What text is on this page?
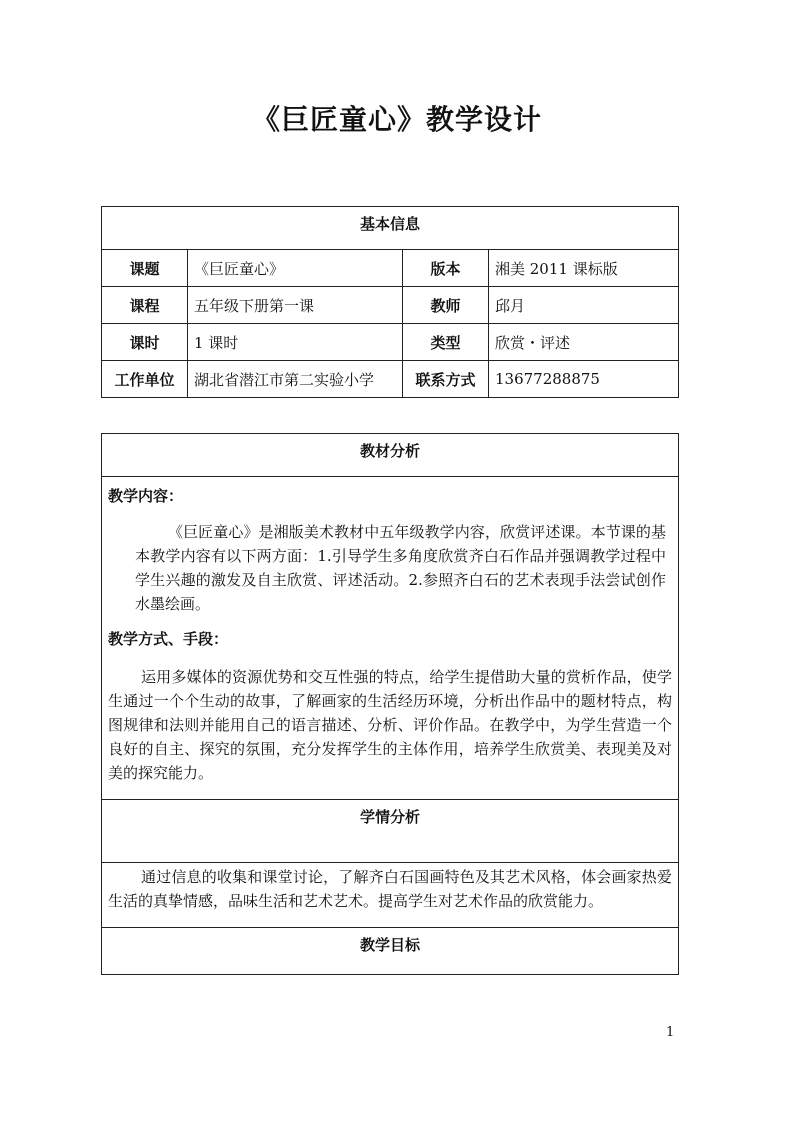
《巨匠童心》教学设计
基本信息			
课题	《巨匠童心》	版本	湘美 2011 课标版
课程	五年级下册第一课	教师	邱月
课时	1 课时	类型	欣赏・评述
工作单位	湖北省潜江市第二实验小学	联系方式	13677288875
教材分析

教学内容：

《巨匠童心》是湘版美术教材中五年级教学内容，欣赏评述课。本节课的基本教学内容有以下两方面：1.引导学生多角度欣赏齐白石作品并强调教学过程中学生兴趣的激发及自主欣赏、评述活动。2.参照齐白石的艺术表现手法尝试创作水墨绘画。

教学方式、手段：

运用多媒体的资源优势和交互性强的特点，给学生提借助大量的赏析作品，使学生通过一个个生动的故事，了解画家的生活经历环境，分析出作品中的题材特点，构图规律和法则并能用自己的语言描述、分析、评价作品。在教学中，为学生营造一个良好的自主、探究的氛围，充分发挥学生的主体作用，培养学生欣赏美、表现美及对美的探究能力。

学情分析

通过信息的收集和课堂讨论，了解齐白石国画特色及其艺术风格，体会画家热爱生活的真挚情感，品味生活和艺术艺术。提高学生对艺术作品的欣赏能力。

教学目标
1
